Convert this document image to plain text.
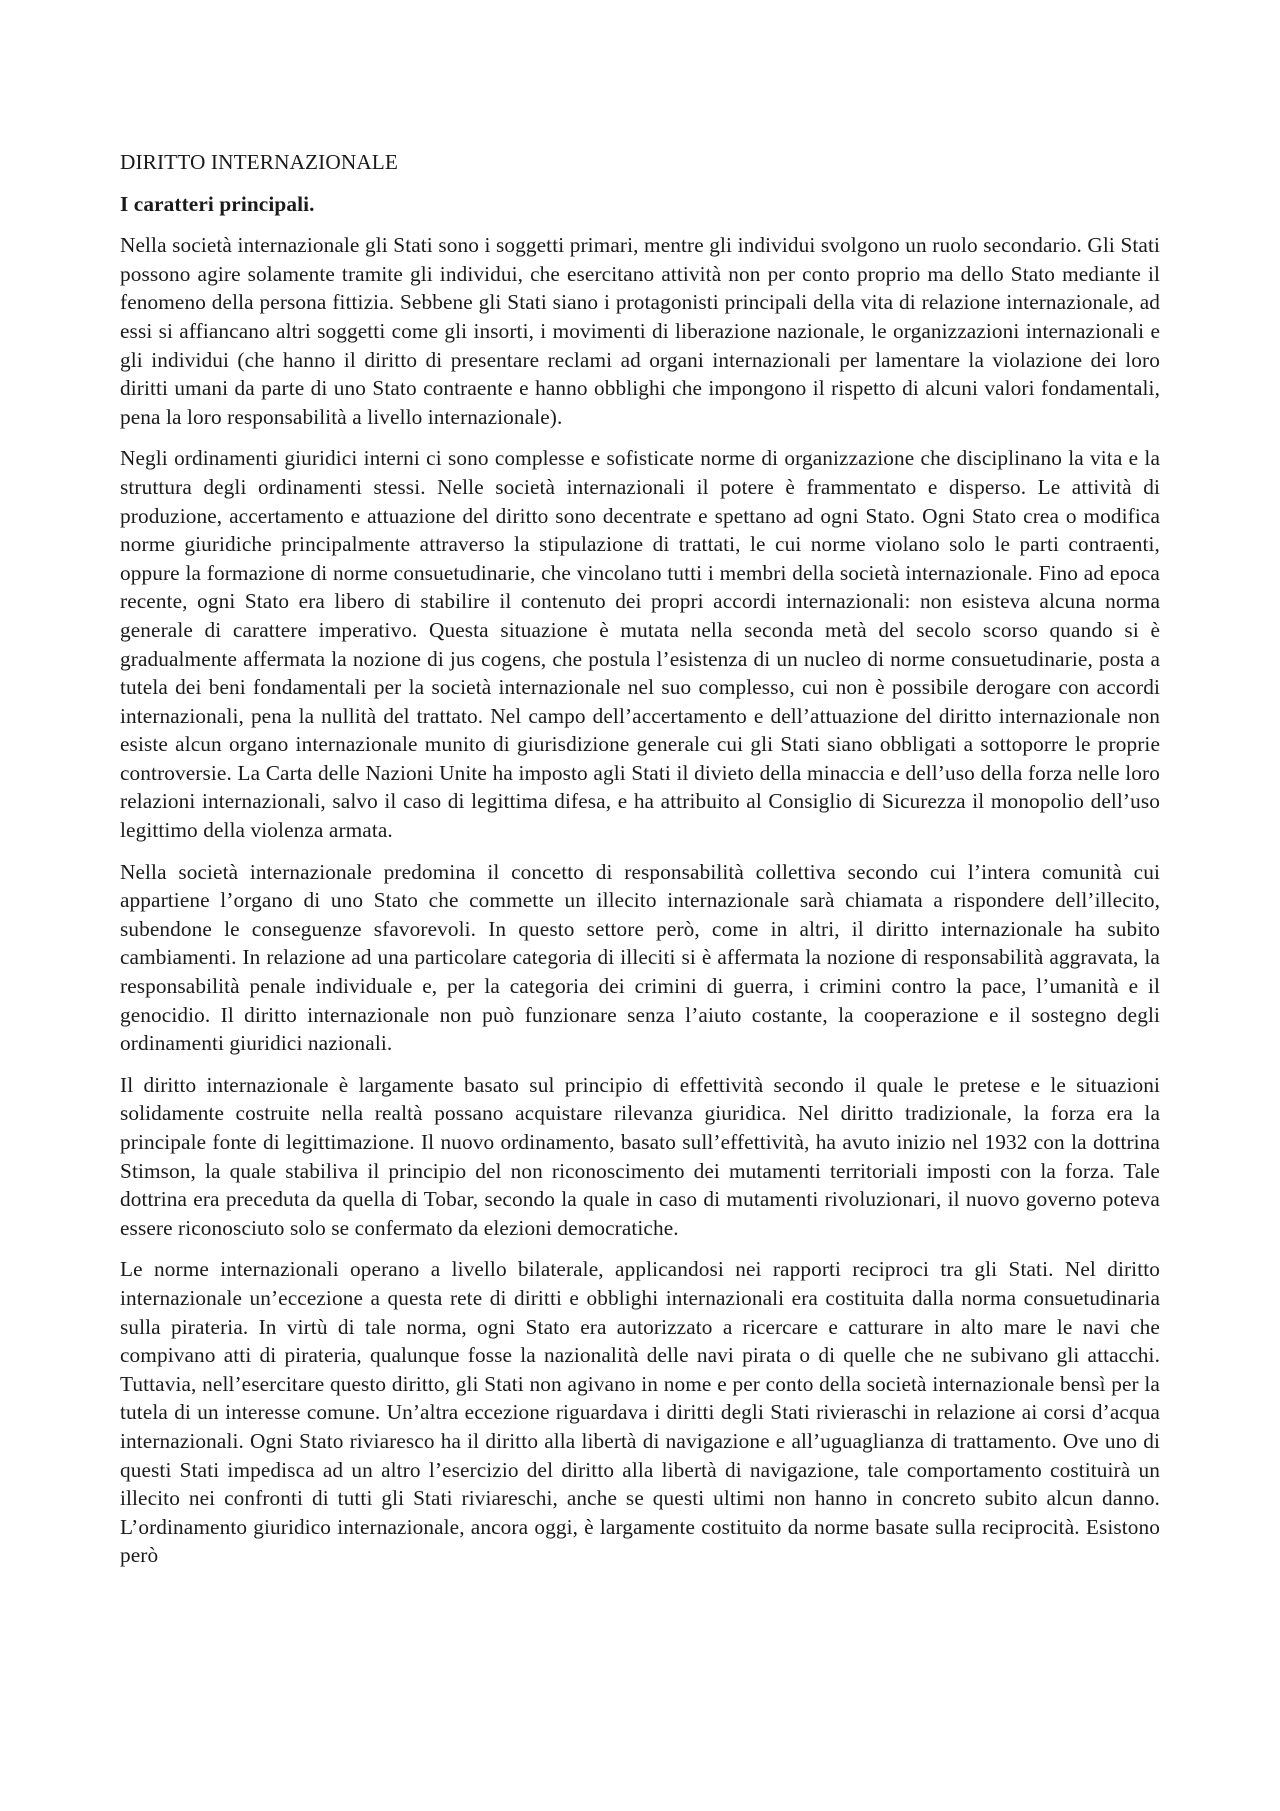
DIRITTO INTERNAZIONALE
I caratteri principali.

Nella società internazionale gli Stati sono i soggetti primari, mentre gli individui svolgono un ruolo secondario. Gli Stati possono agire solamente tramite gli individui, che esercitano attività non per conto proprio ma dello Stato mediante il fenomeno della persona fittizia. Sebbene gli Stati siano i protagonisti principali della vita di relazione internazionale, ad essi si affiancano altri soggetti come gli insorti, i movimenti di liberazione nazionale, le organizzazioni internazionali e gli individui (che hanno il diritto di presentare reclami ad organi internazionali per lamentare la violazione dei loro diritti umani da parte di uno Stato contraente e hanno obblighi che impongono il rispetto di alcuni valori fondamentali, pena la loro responsabilità a livello internazionale).

Negli ordinamenti giuridici interni ci sono complesse e sofisticate norme di organizzazione che disciplinano la vita e la struttura degli ordinamenti stessi. Nelle società internazionali il potere è frammentato e disperso. Le attività di produzione, accertamento e attuazione del diritto sono decentrate e spettano ad ogni Stato. Ogni Stato crea o modifica norme giuridiche principalmente attraverso la stipulazione di trattati, le cui norme violano solo le parti contraenti, oppure la formazione di norme consuetudinarie, che vincolano tutti i membri della società internazionale. Fino ad epoca recente, ogni Stato era libero di stabilire il contenuto dei propri accordi internazionali: non esisteva alcuna norma generale di carattere imperativo. Questa situazione è mutata nella seconda metà del secolo scorso quando si è gradualmente affermata la nozione di jus cogens, che postula l’esistenza di un nucleo di norme consuetudinarie, posta a tutela dei beni fondamentali per la società internazionale nel suo complesso, cui non è possibile derogare con accordi internazionali, pena la nullità del trattato. Nel campo dell’accertamento e dell’attuazione del diritto internazionale non esiste alcun organo internazionale munito di giurisdizione generale cui gli Stati siano obbligati a sottoporre le proprie controversie. La Carta delle Nazioni Unite ha imposto agli Stati il divieto della minaccia e dell’uso della forza nelle loro relazioni internazionali, salvo il caso di legittima difesa, e ha attribuito al Consiglio di Sicurezza il monopolio dell’uso legittimo della violenza armata.

Nella società internazionale predomina il concetto di responsabilità collettiva secondo cui l’intera comunità cui appartiene l’organo di uno Stato che commette un illecito internazionale sarà chiamata a rispondere dell’illecito, subendone le conseguenze sfavorevoli. In questo settore però, come in altri, il diritto internazionale ha subito cambiamenti. In relazione ad una particolare categoria di illeciti si è affermata la nozione di responsabilità aggravata, la responsabilità penale individuale e, per la categoria dei crimini di guerra, i crimini contro la pace, l’umanità e il genocidio. Il diritto internazionale non può funzionare senza l’aiuto costante, la cooperazione e il sostegno degli ordinamenti giuridici nazionali.

Il diritto internazionale è largamente basato sul principio di effettività secondo il quale le pretese e le situazioni solidamente costruite nella realtà possano acquistare rilevanza giuridica. Nel diritto tradizionale, la forza era la principale fonte di legittimazione. Il nuovo ordinamento, basato sull’effettività, ha avuto inizio nel 1932 con la dottrina Stimson, la quale stabiliva il principio del non riconoscimento dei mutamenti territoriali imposti con la forza. Tale dottrina era preceduta da quella di Tobar, secondo la quale in caso di mutamenti rivoluzionari, il nuovo governo poteva essere riconosciuto solo se confermato da elezioni democratiche.

Le norme internazionali operano a livello bilaterale, applicandosi nei rapporti reciproci tra gli Stati. Nel diritto internazionale un’eccezione a questa rete di diritti e obblighi internazionali era costituita dalla norma consuetudinaria sulla pirateria. In virtù di tale norma, ogni Stato era autorizzato a ricercare e catturare in alto mare le navi che compivano atti di pirateria, qualunque fosse la nazionalità delle navi pirata o di quelle che ne subivano gli attacchi. Tuttavia, nell’esercitare questo diritto, gli Stati non agivano in nome e per conto della società internazionale bensì per la tutela di un interesse comune. Un’altra eccezione riguardava i diritti degli Stati rivieraschi in relazione ai corsi d’acqua internazionali. Ogni Stato riviaresco ha il diritto alla libertà di navigazione e all’uguaglianza di trattamento. Ove uno di questi Stati impedisca ad un altro l’esercizio del diritto alla libertà di navigazione, tale comportamento costituirà un illecito nei confronti di tutti gli Stati riviareschi, anche se questi ultimi non hanno in concreto subito alcun danno. L’ordinamento giuridico internazionale, ancora oggi, è largamente costituito da norme basate sulla reciprocità. Esistono però
